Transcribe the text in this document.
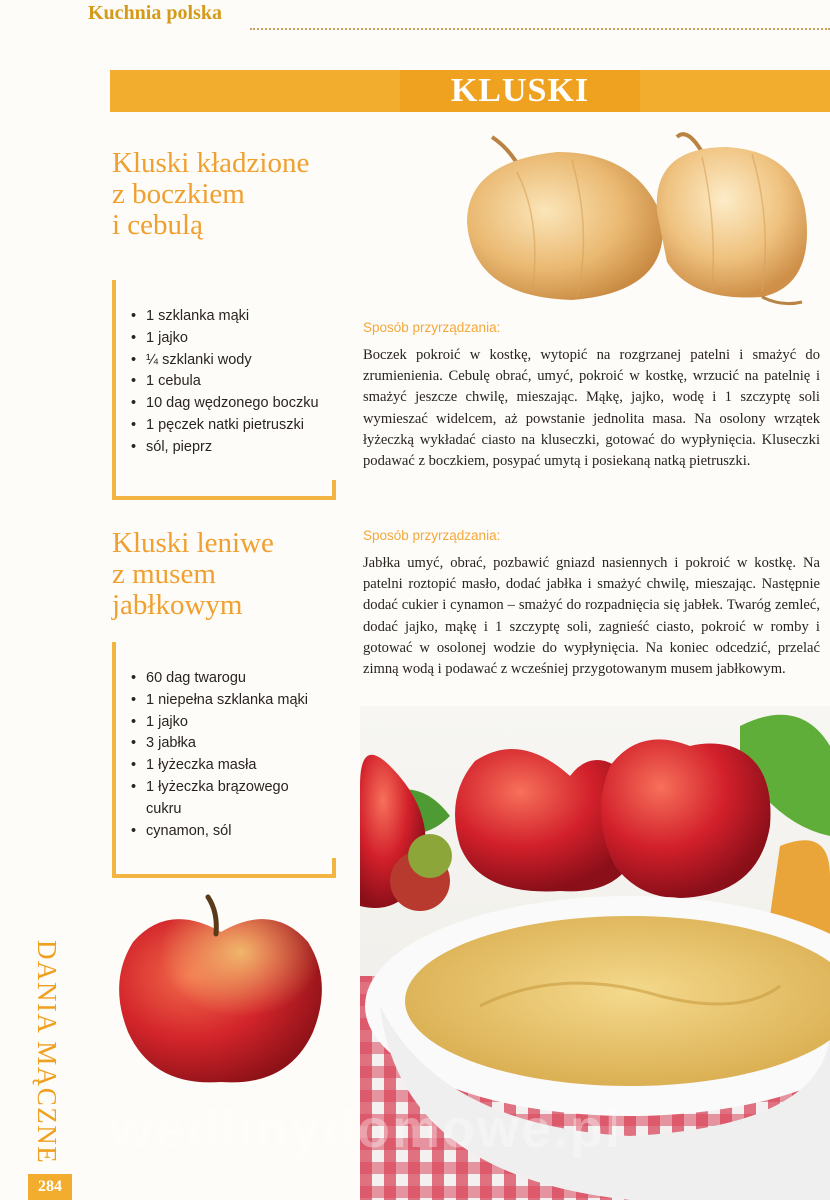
Kuchnia polska
KLUSKI
Kluski kładzione
z boczkiem
i cebulą
• 1 szklanka mąki
• 1 jajko
• ¼ szklanki wody
• 1 cebula
• 10 dag wędzonego boczku
• 1 pęczek natki pietruszki
• sól, pieprz
Sposób przyrządzania:

Boczek pokroić w kostkę, wytopić na rozgrzanej patelni i smażyć do zrumienienia. Cebulę obrać, umyć, pokroić w kostkę, wrzucić na patelnię i smażyć jeszcze chwilę, mieszając. Mąkę, jajko, wodę i 1 szczyptę soli wymieszać widelcem, aż powstanie jednolita masa. Na osolony wrzątek łyżeczką wykładać ciasto na kluseczki, gotować do wypłynięcia. Kluseczki podawać z boczkiem, posypać umytą i posiekaną natką pietruszki.

Kluski leniwe
z musem
jabłkowym
• 60 dag twarogu
• 1 niepełna szklanka mąki
• 1 jajko
• 3 jabłka
• 1 łyżeczka masła
• 1 łyżeczka brązowego cukru
• cynamon, sól
Sposób przyrządzania:

Jabłka umyć, obrać, pozbawić gniazd nasiennych i pokroić w kostkę. Na patelni roztopić masło, dodać jabłka i smażyć chwilę, mieszając. Następnie dodać cukier i cynamon – smażyć do rozpadnięcia się jabłek. Twaróg zemleć, dodać jajko, mąkę i 1 szczyptę soli, zagnieść ciasto, pokroić w romby i gotować w osolonej wodzie do wypłynięcia. Na koniec odcedzić, przelać zimną wodą i podawać z wcześniej przygotowanym musem jabłkowym.

DANIA MĄCZNE
284
wedlinydomowe.pl
